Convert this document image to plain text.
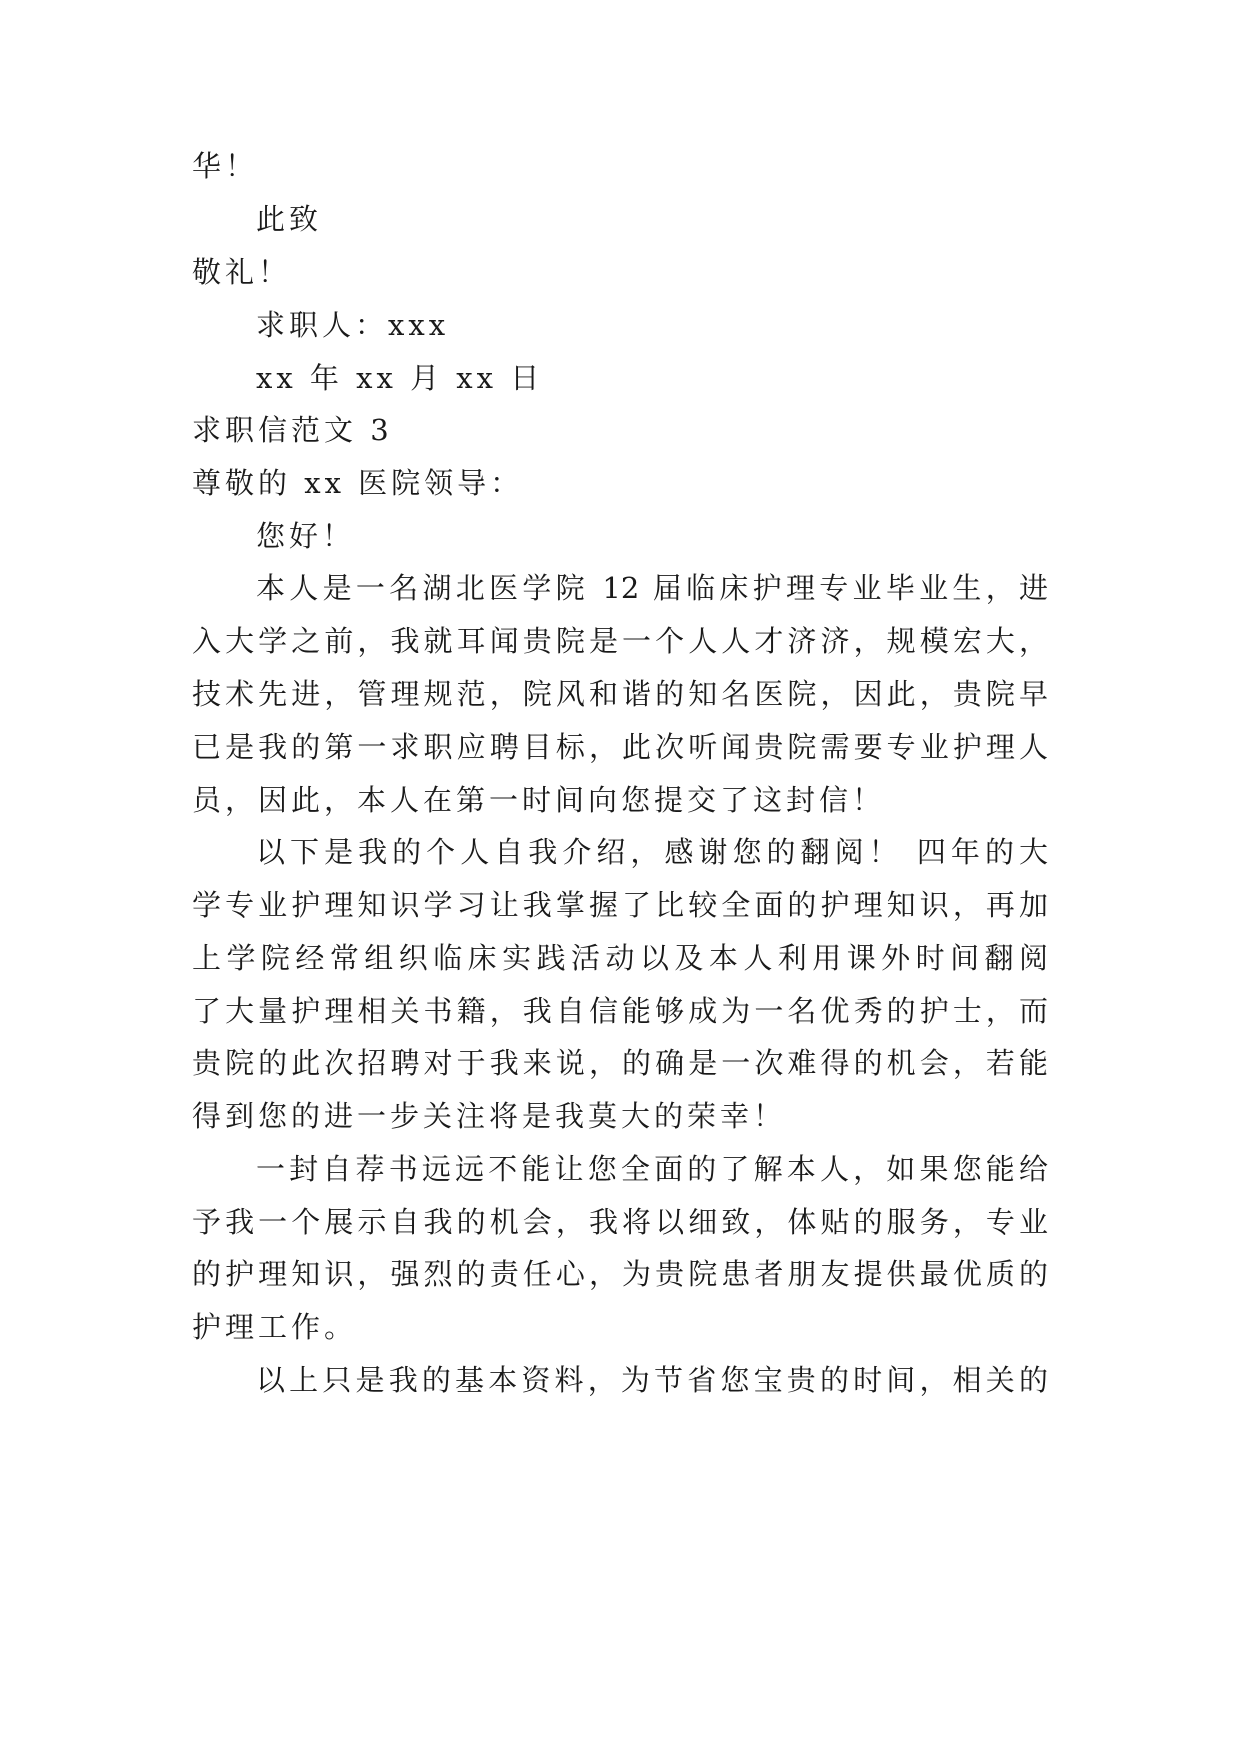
华！
此致
敬礼！
求职人：xxx
xx 年 xx 月 xx 日
求职信范文 3
尊敬的 xx 医院领导：
您好！
本人是一名湖北医学院 12 届临床护理专业毕业生，进
入大学之前，我就耳闻贵院是一个人人才济济，规模宏大，
技术先进，管理规范，院风和谐的知名医院，因此，贵院早
已是我的第一求职应聘目标，此次听闻贵院需要专业护理人
员，因此，本人在第一时间向您提交了这封信！
以下是我的个人自我介绍，感谢您的翻阅！ 四年的大
学专业护理知识学习让我掌握了比较全面的护理知识，再加
上学院经常组织临床实践活动以及本人利用课外时间翻阅
了大量护理相关书籍，我自信能够成为一名优秀的护士，而
贵院的此次招聘对于我来说，的确是一次难得的机会，若能
得到您的进一步关注将是我莫大的荣幸！
一封自荐书远远不能让您全面的了解本人，如果您能给
予我一个展示自我的机会，我将以细致，体贴的服务，专业
的护理知识，强烈的责任心，为贵院患者朋友提供最优质的
护理工作。
以上只是我的基本资料，为节省您宝贵的时间，相关的
